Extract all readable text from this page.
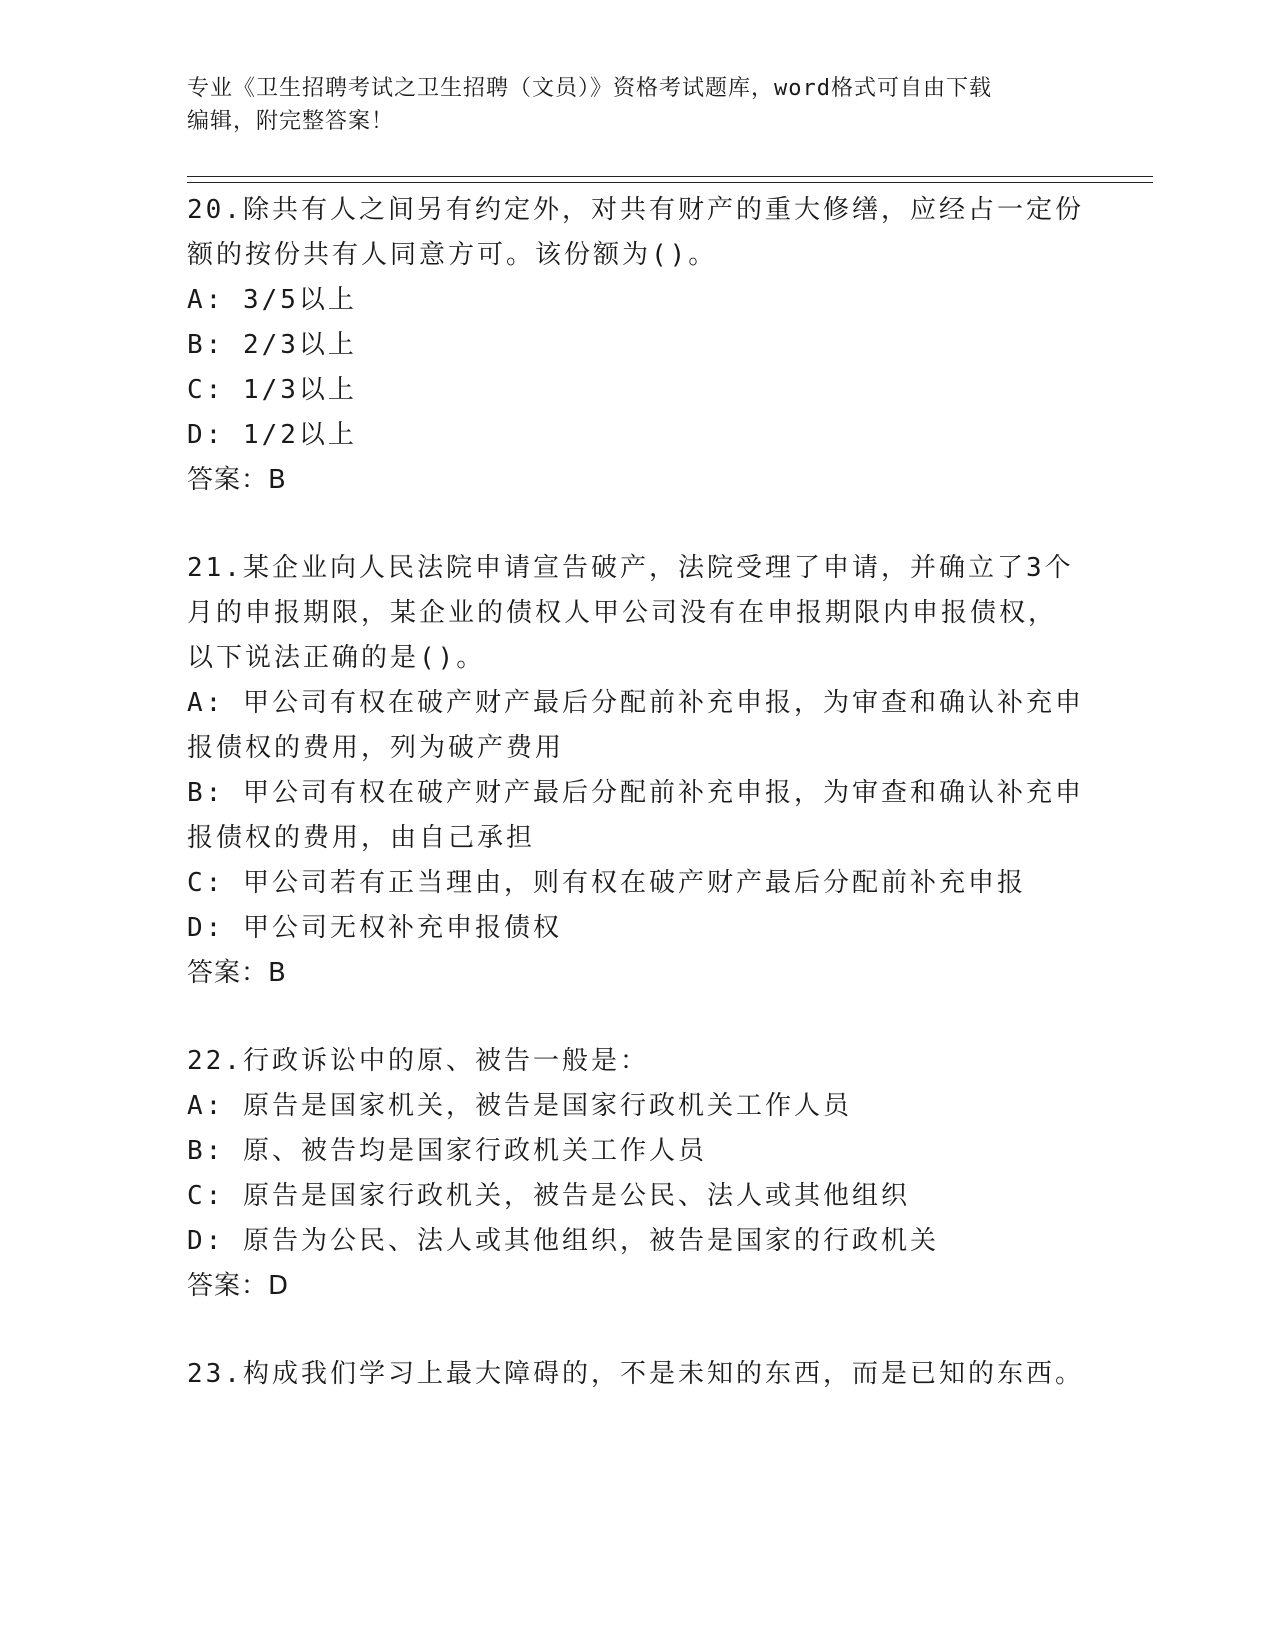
专业《卫生招聘考试之卫生招聘（文员）》资格考试题库，word格式可自由下载
编辑，附完整答案！

20.除共有人之间另有约定外，对共有财产的重大修缮，应经占一定份

额的按份共有人同意方可。该份额为()。

A: 3/5以上

B: 2/3以上

C: 1/3以上

D: 1/2以上

答案：B

21.某企业向人民法院申请宣告破产，法院受理了申请，并确立了3个

月的申报期限，某企业的债权人甲公司没有在申报期限内申报债权，

以下说法正确的是()。

A: 甲公司有权在破产财产最后分配前补充申报，为审查和确认补充申

报债权的费用，列为破产费用

B: 甲公司有权在破产财产最后分配前补充申报，为审查和确认补充申

报债权的费用，由自己承担

C: 甲公司若有正当理由，则有权在破产财产最后分配前补充申报

D: 甲公司无权补充申报债权

答案：B

22.行政诉讼中的原、被告一般是：

A: 原告是国家机关，被告是国家行政机关工作人员

B: 原、被告均是国家行政机关工作人员

C: 原告是国家行政机关，被告是公民、法人或其他组织

D: 原告为公民、法人或其他组织，被告是国家的行政机关

答案：D

23.构成我们学习上最大障碍的，不是未知的东西，而是已知的东西。
